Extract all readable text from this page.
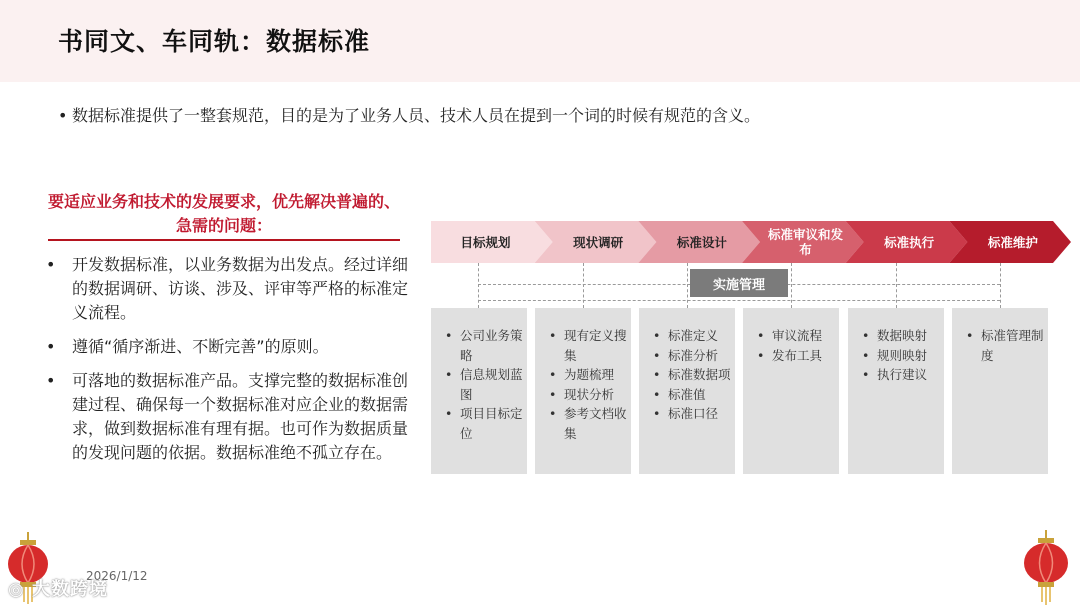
书同文、车同轨：数据标准
• 数据标准提供了一整套规范，目的是为了业务人员、技术人员在提到一个词的时候有规范的含义。
要适应业务和技术的发展要求，优先解决普遍的、急需的问题：
• 开发数据标准，以业务数据为出发点。经过详细的数据调研、访谈、涉及、评审等严格的标准定义流程。
• 遵循“循序渐进、不断完善”的原则。
• 可落地的数据标准产品。支撑完整的数据标准创建过程、确保每一个数据标准对应企业的数据需求，做到数据标准有理有据。也可作为数据质量的发现问题的依据。数据标准绝不孤立存在。
目标规划	现状调研	标准设计	标准审议和发布	标准执行	标准维护
实施管理
• 公司业务策略
• 信息规划蓝图
• 项目目标定位
• 现有定义搜集
• 为题梳理
• 现状分析
• 参考文档收集
• 标准定义
• 标准分析
• 标准数据项
• 标准值
• 标准口径
• 审议流程
• 发布工具
• 数据映射
• 规则映射
• 执行建议
• 标准管理制度
2026/1/12
◎ 大数跨境
